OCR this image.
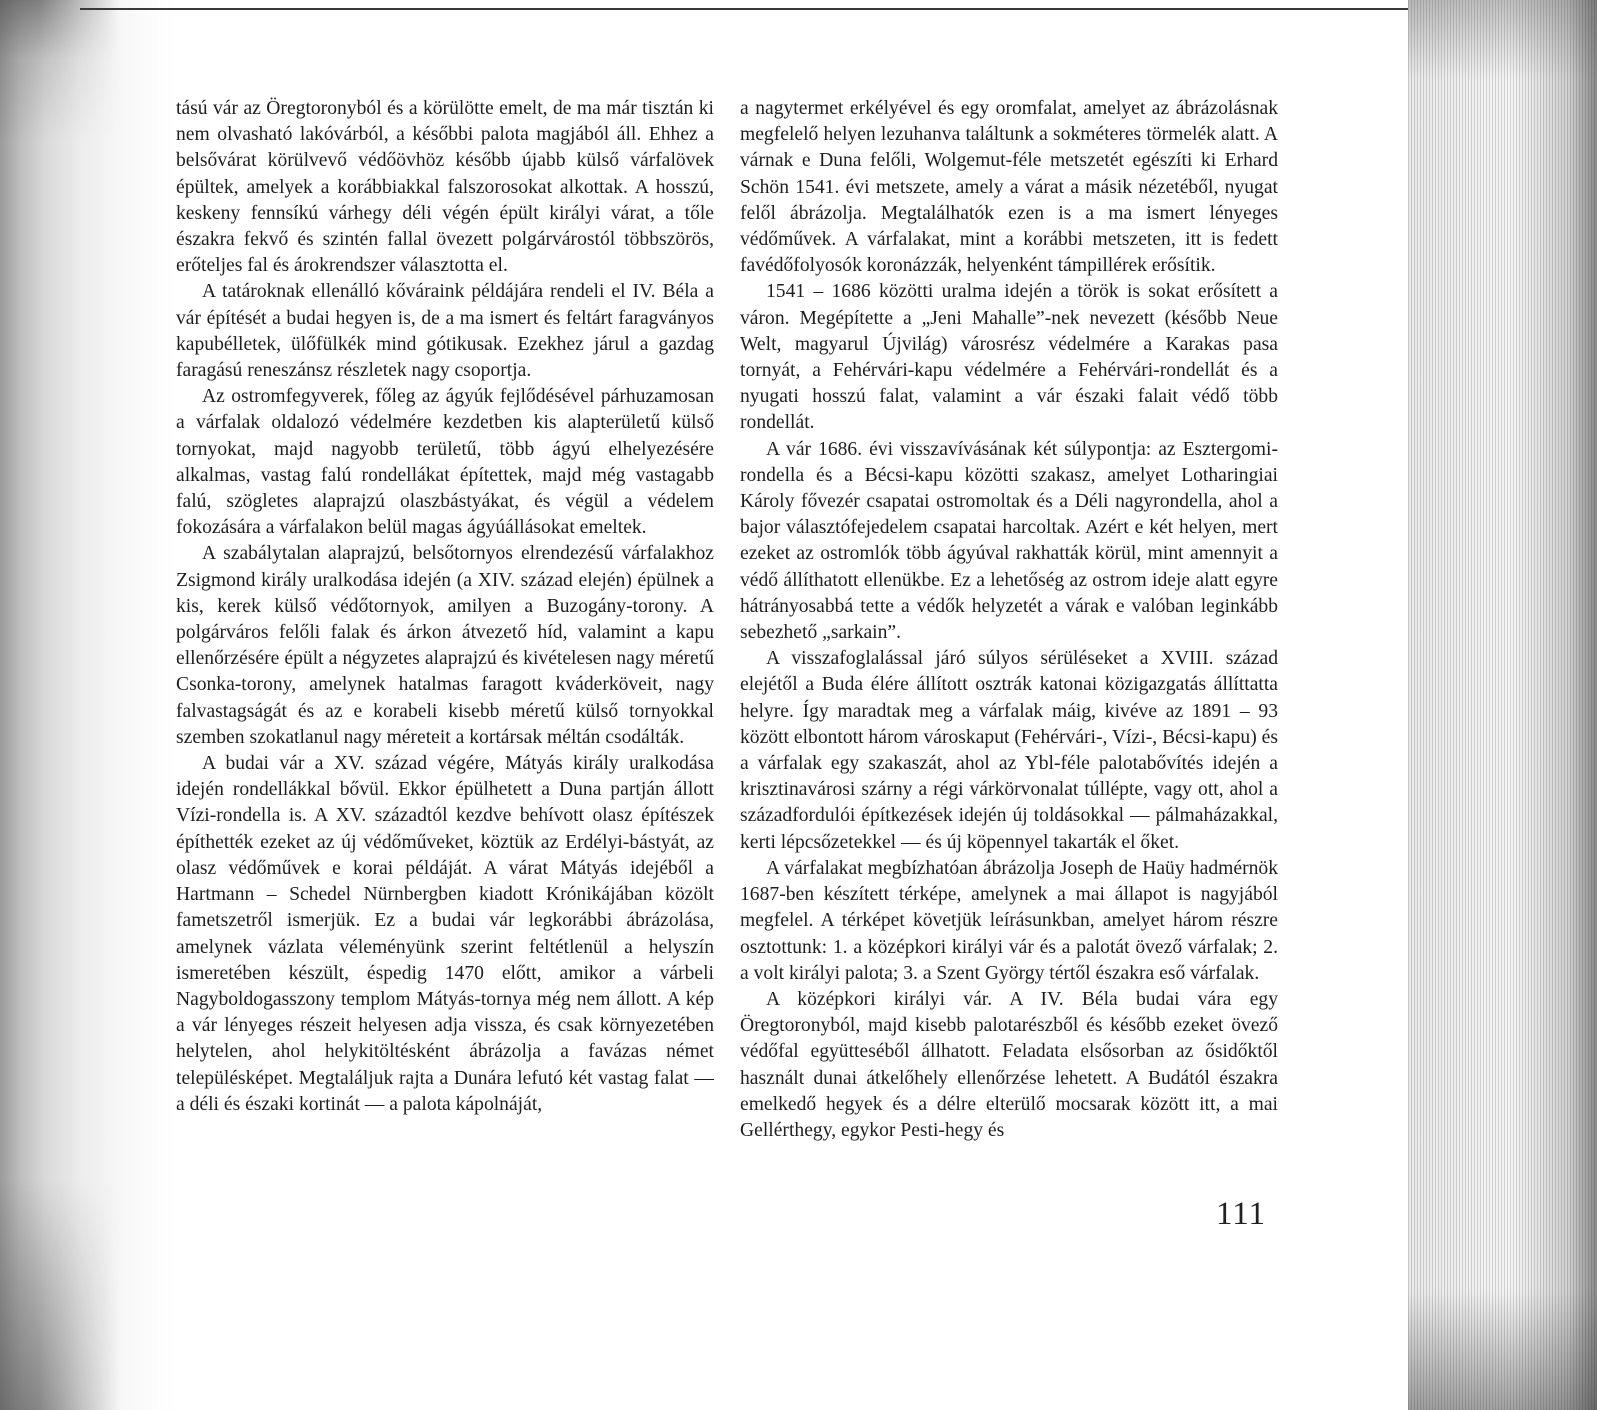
tású vár az Öregtoronyból és a körülötte emelt, de ma már tisztán ki nem olvasható lakóvárból, a későbbi palota magjából áll. Ehhez a belsővárat körülvevő védőövhöz később újabb külső várfalövek épültek, amelyek a korábbiakkal falszorosokat alkottak. A hosszú, keskeny fennsíkú várhegy déli végén épült királyi várat, a tőle északra fekvő és szintén fallal övezett polgárvárostól többszörös, erőteljes fal és árokrendszer választotta el.

A tatároknak ellenálló kőváraink példájára rendeli el IV. Béla a vár építését a budai hegyen is, de a ma ismert és feltárt faragványos kapubélletek, ülőfülkék mind gótikusak. Ezekhez járul a gazdag faragású reneszánsz részletek nagy csoportja.

Az ostromfegyverek, főleg az ágyúk fejlődésével párhuzamosan a várfalak oldalozó védelmére kezdetben kis alapterületű külső tornyokat, majd nagyobb területű, több ágyú elhelyezésére alkalmas, vastag falú rondellákat építettek, majd még vastagabb falú, szögletes alaprajzú olaszbástyákat, és végül a védelem fokozására a várfalakon belül magas ágyúállásokat emeltek.

A szabálytalan alaprajzú, belsőtornyos elrendezésű várfalakhoz Zsigmond király uralkodása idején (a XIV. század elején) épülnek a kis, kerek külső védőtornyok, amilyen a Buzogány-torony. A polgárváros felőli falak és árkon átvezető híd, valamint a kapu ellenőrzésére épült a négyzetes alaprajzú és kivételesen nagy méretű Csonka-torony, amelynek hatalmas faragott kváderköveit, nagy falvastagságát és az e korabeli kisebb méretű külső tornyokkal szemben szokatlanul nagy méreteit a kortársak méltán csodálták.

A budai vár a XV. század végére, Mátyás király uralkodása idején rondellákkal bővül. Ekkor épülhetett a Duna partján állott Vízi-rondella is. A XV. századtól kezdve behívott olasz építészek építhették ezeket az új védőműveket, köztük az Erdélyi-bástyát, az olasz védőművek e korai példáját. A várat Mátyás idejéből a Hartmann – Schedel Nürnbergben kiadott Krónikájában közölt fametszetről ismerjük. Ez a budai vár legkorábbi ábrázolása, amelynek vázlata véleményünk szerint feltétlenül a helyszín ismeretében készült, éspedig 1470 előtt, amikor a várbeli Nagyboldogasszony templom Mátyás-tornya még nem állott. A kép a vár lényeges részeit helyesen adja vissza, és csak környezetében helytelen, ahol helykitöltésként ábrázolja a favázas német településképet. Megtaláljuk rajta a Dunára lefutó két vastag falat — a déli és északi kortinát — a palota kápolnáját,

a nagytermet erkélyével és egy oromfalat, amelyet az ábrázolásnak megfelelő helyen lezuhanva találtunk a sokméteres törmelék alatt. A várnak e Duna felőli, Wolgemut-féle metszetét egészíti ki Erhard Schön 1541. évi metszete, amely a várat a másik nézetéből, nyugat felől ábrázolja. Megtalálhatók ezen is a ma ismert lényeges védőművek. A várfalakat, mint a korábbi metszeten, itt is fedett favédőfolyosók koronázzák, helyenként támpillérek erősítik.

1541 – 1686 közötti uralma idején a török is sokat erősített a váron. Megépítette a „Jeni Mahalle”-nek nevezett (később Neue Welt, magyarul Újvilág) városrész védelmére a Karakas pasa tornyát, a Fehérvári-kapu védelmére a Fehérvári-rondellát és a nyugati hosszú falat, valamint a vár északi falait védő több rondellát.

A vár 1686. évi visszavívásának két súlypontja: az Esztergomi-rondella és a Bécsi-kapu közötti szakasz, amelyet Lotharingiai Károly fővezér csapatai ostromoltak és a Déli nagyrondella, ahol a bajor választófejedelem csapatai harcoltak. Azért e két helyen, mert ezeket az ostromlók több ágyúval rakhatták körül, mint amennyit a védő állíthatott ellenükbe. Ez a lehetőség az ostrom ideje alatt egyre hátrányosabbá tette a védők helyzetét a várak e valóban leginkább sebezhető „sarkain”.

A visszafoglalással járó súlyos sérüléseket a XVIII. század elejétől a Buda élére állított osztrák katonai közigazgatás állíttatta helyre. Így maradtak meg a várfalak máig, kivéve az 1891 – 93 között elbontott három városkaput (Fehérvári-, Vízi-, Bécsi-kapu) és a várfalak egy szakaszát, ahol az Ybl-féle palotabővítés idején a krisztinavárosi szárny a régi várkörvonalat túllépte, vagy ott, ahol a századfordulói építkezések idején új toldásokkal — pálmaházakkal, kerti lépcsőzetekkel — és új köpennyel takarták el őket.

A várfalakat megbízhatóan ábrázolja Joseph de Haüy hadmérnök 1687-ben készített térképe, amelynek a mai állapot is nagyjából megfelel. A térképet követjük leírásunkban, amelyet három részre osztottunk: 1. a középkori királyi vár és a palotát övező várfalak; 2. a volt királyi palota; 3. a Szent György tértől északra eső várfalak.

A középkori királyi vár. A IV. Béla budai vára egy Öregtoronyból, majd kisebb palotarészből és később ezeket övező védőfal együtteséből állhatott. Feladata elsősorban az ősidőktől használt dunai átkelőhely ellenőrzése lehetett. A Budától északra emelkedő hegyek és a délre elterülő mocsarak között itt, a mai Gellérthegy, egykor Pesti-hegy és

111
